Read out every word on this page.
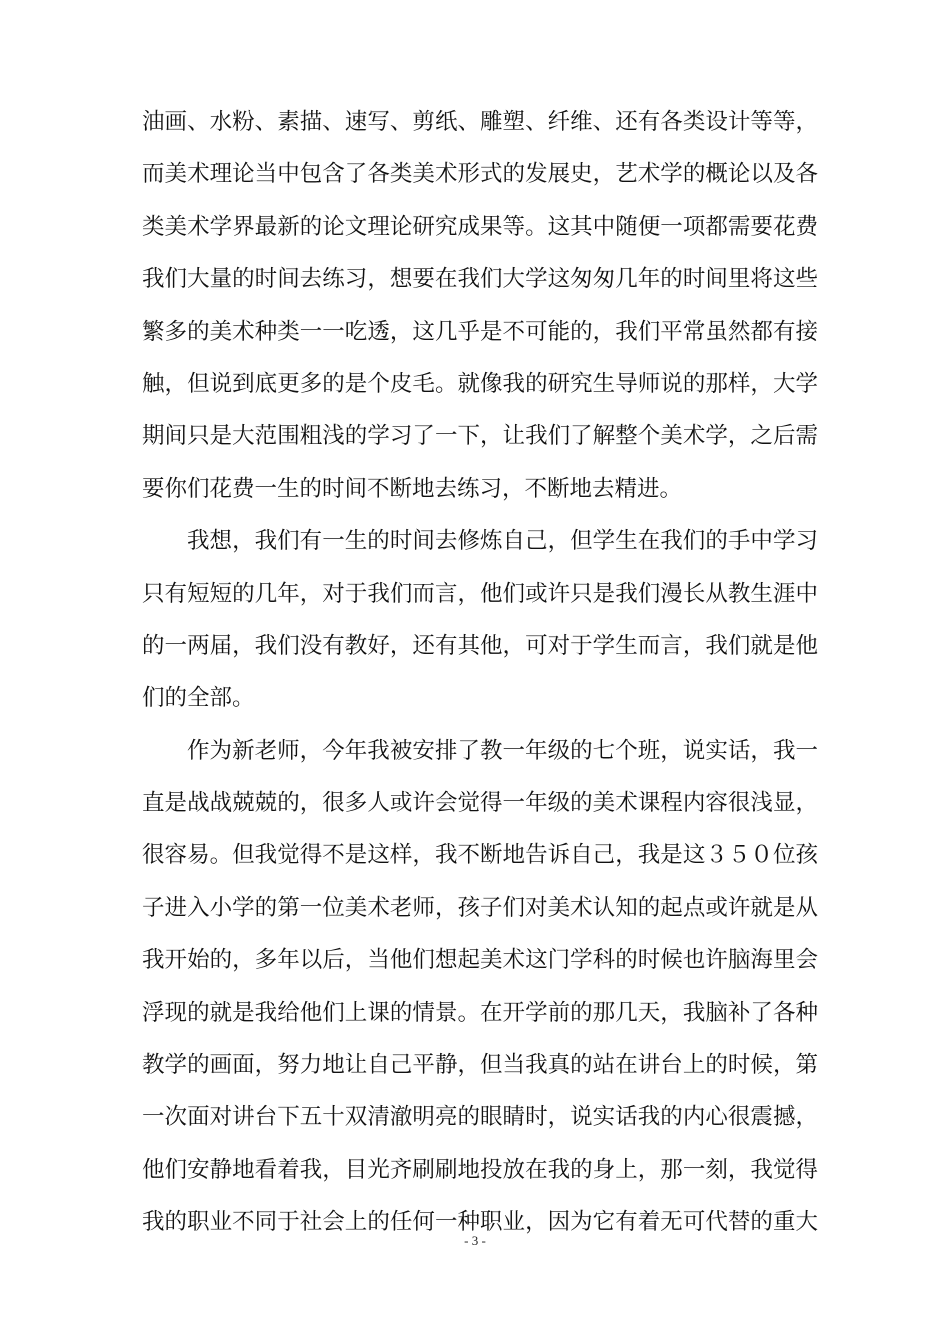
油画、水粉、素描、速写、剪纸、雕塑、纤维、还有各类设计等等，
而美术理论当中包含了各类美术形式的发展史，艺术学的概论以及各
类美术学界最新的论文理论研究成果等。这其中随便一项都需要花费
我们大量的时间去练习，想要在我们大学这匆匆几年的时间里将这些
繁多的美术种类一一吃透，这几乎是不可能的，我们平常虽然都有接
触，但说到底更多的是个皮毛。就像我的研究生导师说的那样，大学
期间只是大范围粗浅的学习了一下，让我们了解整个美术学，之后需
要你们花费一生的时间不断地去练习，不断地去精进。
我想，我们有一生的时间去修炼自己，但学生在我们的手中学习
只有短短的几年，对于我们而言，他们或许只是我们漫长从教生涯中
的一两届，我们没有教好，还有其他，可对于学生而言，我们就是他
们的全部。
作为新老师，今年我被安排了教一年级的七个班，说实话，我一
直是战战兢兢的，很多人或许会觉得一年级的美术课程内容很浅显，
很容易。但我觉得不是这样，我不断地告诉自己，我是这３５０位孩
子进入小学的第一位美术老师，孩子们对美术认知的起点或许就是从
我开始的，多年以后，当他们想起美术这门学科的时候也许脑海里会
浮现的就是我给他们上课的情景。在开学前的那几天，我脑补了各种
教学的画面，努力地让自己平静，但当我真的站在讲台上的时候，第
一次面对讲台下五十双清澈明亮的眼睛时，说实话我的内心很震撼，
他们安静地看着我，目光齐刷刷地投放在我的身上，那一刻，我觉得
我的职业不同于社会上的任何一种职业，因为它有着无可代替的重大
- 3 -
